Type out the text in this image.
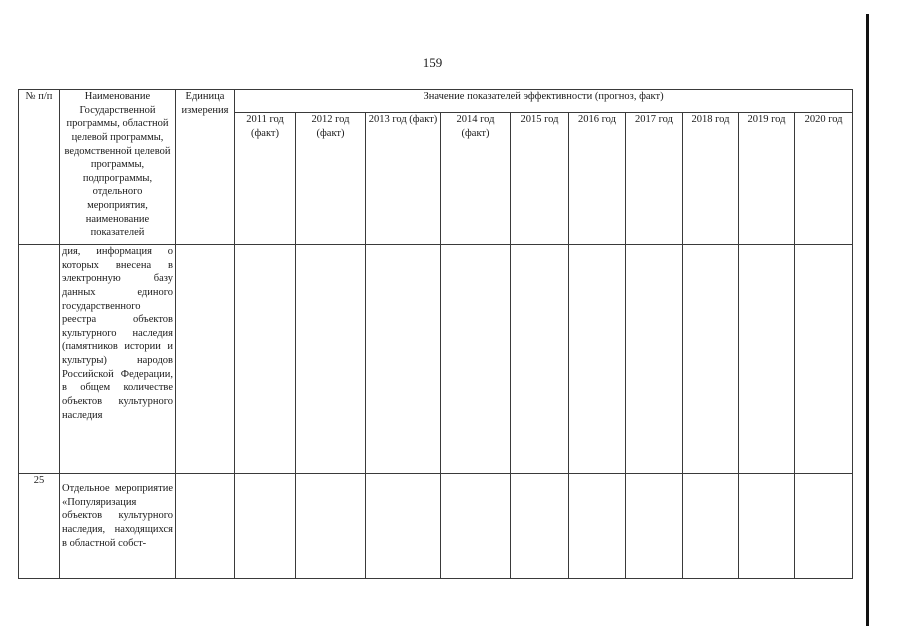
159
№ п/п	Наименование Государственной программы, областной целевой программы, ведомственной целевой программы, подпрограммы, отдельного мероприятия, наименование показателей	Единица измерения	Значение показателей эффективности (прогноз, факт)									
			2011 год (факт)	2012 год (факт)	2013 год (факт)	2014 год (факт)	2015 год	2016 год	2017 год	2018 год	2019 год	2020 год
	дия, информация о которых внесена в электронную базу данных единого государственного реестра объектов культурного наследия (памятников истории и культуры) народов Российской Федерации, в общем количестве объектов культурного наследия											
25	Отдельное мероприятие «Популяризация объектов культурного наследия, находящихся в областной собст-											
